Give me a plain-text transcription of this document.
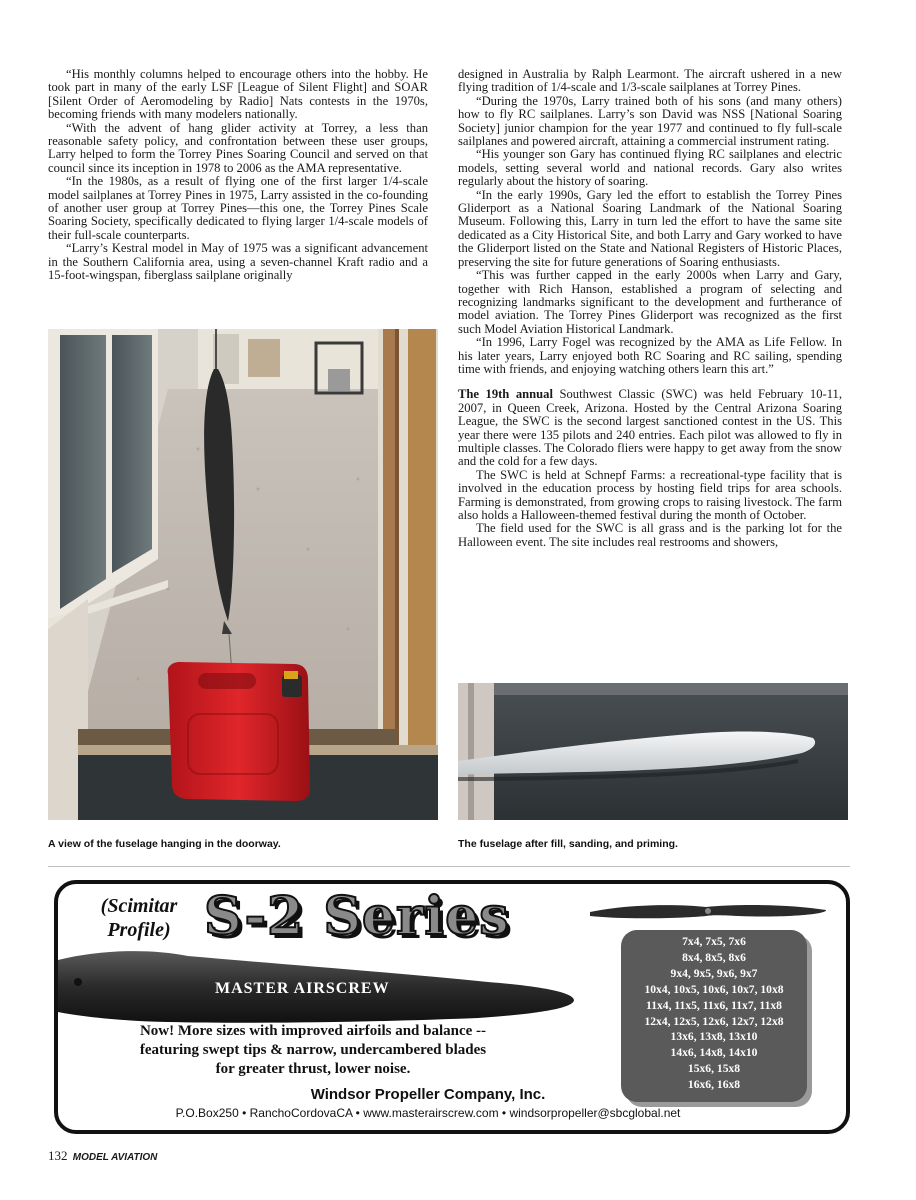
“His monthly columns helped to encourage others into the hobby. He took part in many of the early LSF [League of Silent Flight] and SOAR [Silent Order of Aeromodeling by Radio] Nats contests in the 1970s, becoming friends with many modelers nationally.

“With the advent of hang glider activity at Torrey, a less than reasonable safety policy, and confrontation between these user groups, Larry helped to form the Torrey Pines Soaring Council and served on that council since its inception in 1978 to 2006 as the AMA representative.

“In the 1980s, as a result of flying one of the first larger 1/4-scale model sailplanes at Torrey Pines in 1975, Larry assisted in the co-founding of another user group at Torrey Pines—this one, the Torrey Pines Scale Soaring Society, specifically dedicated to flying larger 1/4-scale models of their full-scale counterparts.

“Larry’s Kestral model in May of 1975 was a significant advancement in the Southern California area, using a seven-channel Kraft radio and a 15-foot-wingspan, fiberglass sailplane originally

designed in Australia by Ralph Learmont. The aircraft ushered in a new flying tradition of 1/4-scale and 1/3-scale sailplanes at Torrey Pines.

“During the 1970s, Larry trained both of his sons (and many others) how to fly RC sailplanes. Larry’s son David was NSS [National Soaring Society] junior champion for the year 1977 and continued to fly full-scale sailplanes and powered aircraft, attaining a commercial instrument rating.

“His younger son Gary has continued flying RC sailplanes and electric models, setting several world and national records. Gary also writes regularly about the history of soaring.

“In the early 1990s, Gary led the effort to establish the Torrey Pines Gliderport as a National Soaring Landmark of the National Soaring Museum. Following this, Larry in turn led the effort to have the same site dedicated as a City Historical Site, and both Larry and Gary worked to have the Gliderport listed on the State and National Registers of Historic Places, preserving the site for future generations of Soaring enthusiasts.

“This was further capped in the early 2000s when Larry and Gary, together with Rich Hanson, established a program of selecting and recognizing landmarks significant to the development and furtherance of model aviation. The Torrey Pines Gliderport was recognized as the first such Model Aviation Historical Landmark.

“In 1996, Larry Fogel was recognized by the AMA as Life Fellow. In his later years, Larry enjoyed both RC Soaring and RC sailing, spending time with friends, and enjoying watching others learn this art.”

The 19th annual Southwest Classic (SWC) was held February 10-11, 2007, in Queen Creek, Arizona. Hosted by the Central Arizona Soaring League, the SWC is the second largest sanctioned contest in the US. This year there were 135 pilots and 240 entries. Each pilot was allowed to fly in multiple classes. The Colorado fliers were happy to get away from the snow and the cold for a few days.

The SWC is held at Schnepf Farms: a recreational-type facility that is involved in the education process by hosting field trips for area schools. Farming is demonstrated, from growing crops to raising livestock. The farm also holds a Halloween-themed festival during the month of October.

The field used for the SWC is all grass and is the parking lot for the Halloween event. The site includes real restrooms and showers,

A view of the fuselage hanging in the doorway.	The fuselage after fill, sanding, and priming.
(Scimitar Profile) S-2 Series
MASTER AIRSCREW
Now! More sizes with improved airfoils and balance --
featuring swept tips & narrow, undercambered blades
for greater thrust, lower noise.
7x4, 7x5, 7x6
8x4, 8x5, 8x6
9x4, 9x5, 9x6, 9x7
10x4, 10x5, 10x6, 10x7, 10x8
11x4, 11x5, 11x6, 11x7, 11x8
12x4, 12x5, 12x6, 12x7, 12x8
13x6, 13x8, 13x10
14x6, 14x8, 14x10
15x6, 15x8
16x6, 16x8
Windsor Propeller Company, Inc.
P.O.Box250 • RanchoCordovaCA • www.masterairscrew.com • windsorpropeller@sbcglobal.net
132 MODEL AVIATION
